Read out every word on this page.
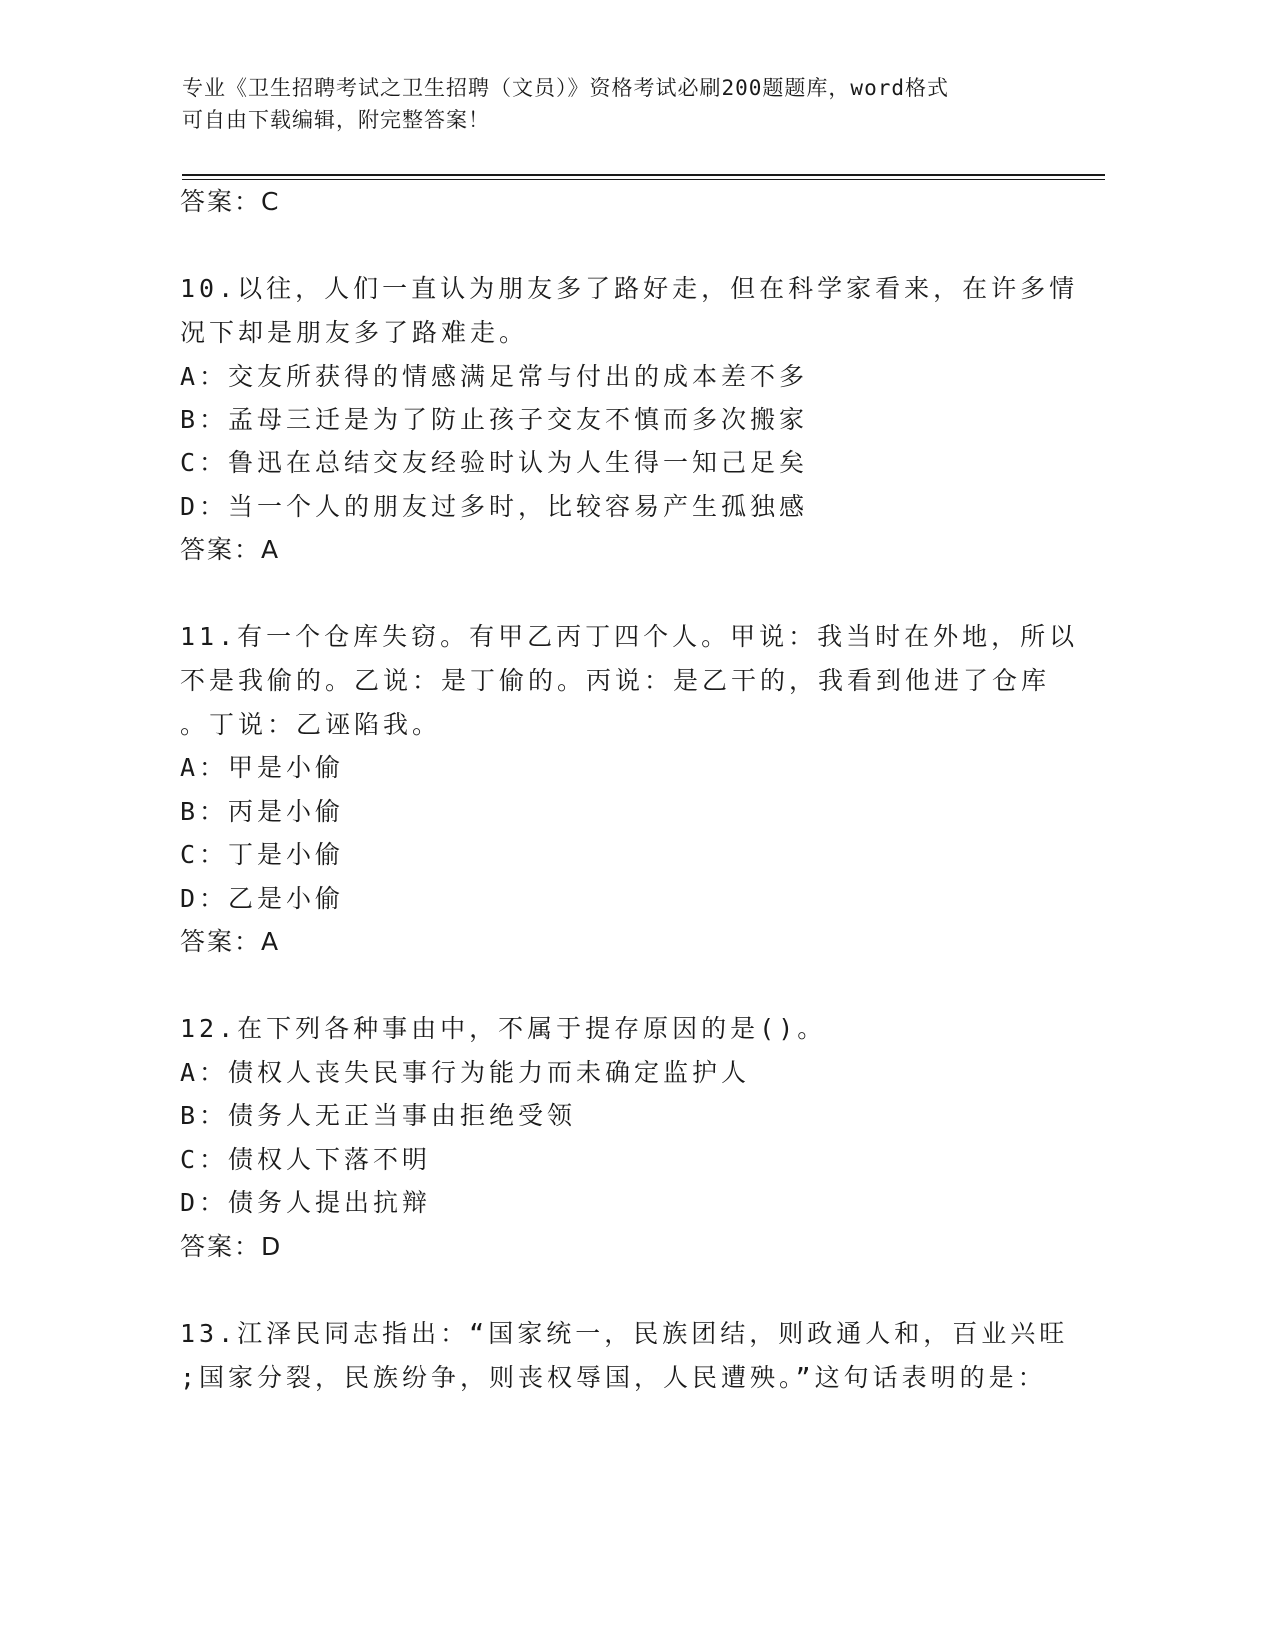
专业《卫生招聘考试之卫生招聘（文员）》资格考试必刷200题题库，word格式
可自由下载编辑，附完整答案！
答案：C
10.以往，人们一直认为朋友多了路好走，但在科学家看来，在许多情
况下却是朋友多了路难走。
A：交友所获得的情感满足常与付出的成本差不多
B：孟母三迁是为了防止孩子交友不慎而多次搬家
C：鲁迅在总结交友经验时认为人生得一知己足矣
D：当一个人的朋友过多时，比较容易产生孤独感
答案：A
11.有一个仓库失窃。有甲乙丙丁四个人。甲说：我当时在外地，所以
不是我偷的。乙说：是丁偷的。丙说：是乙干的，我看到他进了仓库
。丁说：乙诬陷我。
A：甲是小偷
B：丙是小偷
C：丁是小偷
D：乙是小偷
答案：A
12.在下列各种事由中，不属于提存原因的是()。
A：债权人丧失民事行为能力而未确定监护人
B：债务人无正当事由拒绝受领
C：债权人下落不明
D：债务人提出抗辩
答案：D
13.江泽民同志指出：“国家统一，民族团结，则政通人和，百业兴旺
;国家分裂，民族纷争，则丧权辱国，人民遭殃。”这句话表明的是：
